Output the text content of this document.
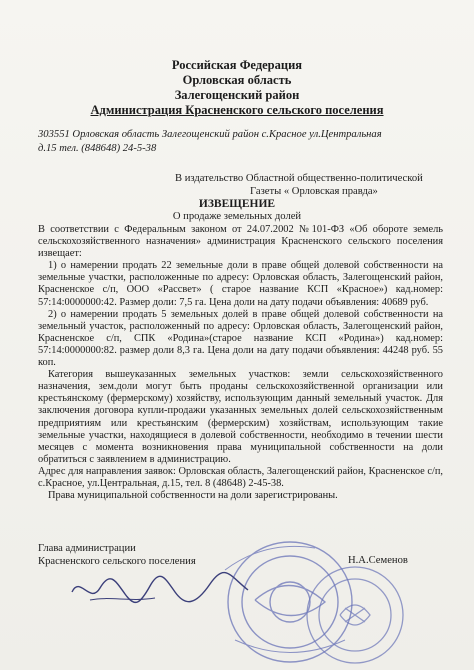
Российская Федерация
Орловская область
Залегощенский район
Администрация Красненского сельского поселения
303551 Орловская область Залегощенский район с.Красное ул.Центральная
д.15 тел. (848648) 24-5-38
В издательство Областной общественно-политической
Газеты « Орловская правда»
ИЗВЕЩЕНИЕ
О продаже земельных долей

В соответствии с Федеральным законом от 24.07.2002 №101-ФЗ «Об обороте земель сельскохозяйственного назначения» администрация Красненского сельского поселения извещает:

1) о намерении продать 22 земельные доли в праве общей долевой собственности на земельные участки, расположенные по адресу: Орловская область, Залегощенский район, Красненское с/п, ООО «Рассвет» ( старое название КСП «Красное») кад.номер: 57:14:0000000:42. Размер доли: 7,5 га. Цена доли на дату подачи объявления: 40689 руб.

2) о намерении продать 5 земельных долей в праве общей долевой собственности на земельный участок, расположенный по адресу: Орловская область, Залегощенский район, Красненское с/п, СПК «Родина»(старое название КСП «Родина») кад.номер: 57:14:0000000:82. размер доли 8,3 га. Цена доли на дату подачи объявления: 44248 руб. 55 коп.

Категория вышеуказанных земельных участков: земли сельскохозяйственного назначения, зем.доли могут быть проданы сельскохозяйственной организации или крестьянскому (фермерскому) хозяйству, использующим данный земельный участок. Для заключения договора купли-продажи указанных земельных долей сельскохозяйственным предприятиям или крестьянским (фермерским) хозяйствам, использующим такие земельные участки, находящиеся в долевой собственности, необходимо в течении шести месяцев с момента возникновения права муниципальной собственности на доли обратиться с заявлением в администрацию.

Адрес для направления заявок: Орловская область, Залегощенский район, Красненское с/п, с.Красное, ул.Центральная, д.15, тел. 8 (48648) 2-45-38.

Права муниципальной собственности на доли зарегистрированы.

Глава администрации
Красненского сельского поселения	Н.А.Семенов
